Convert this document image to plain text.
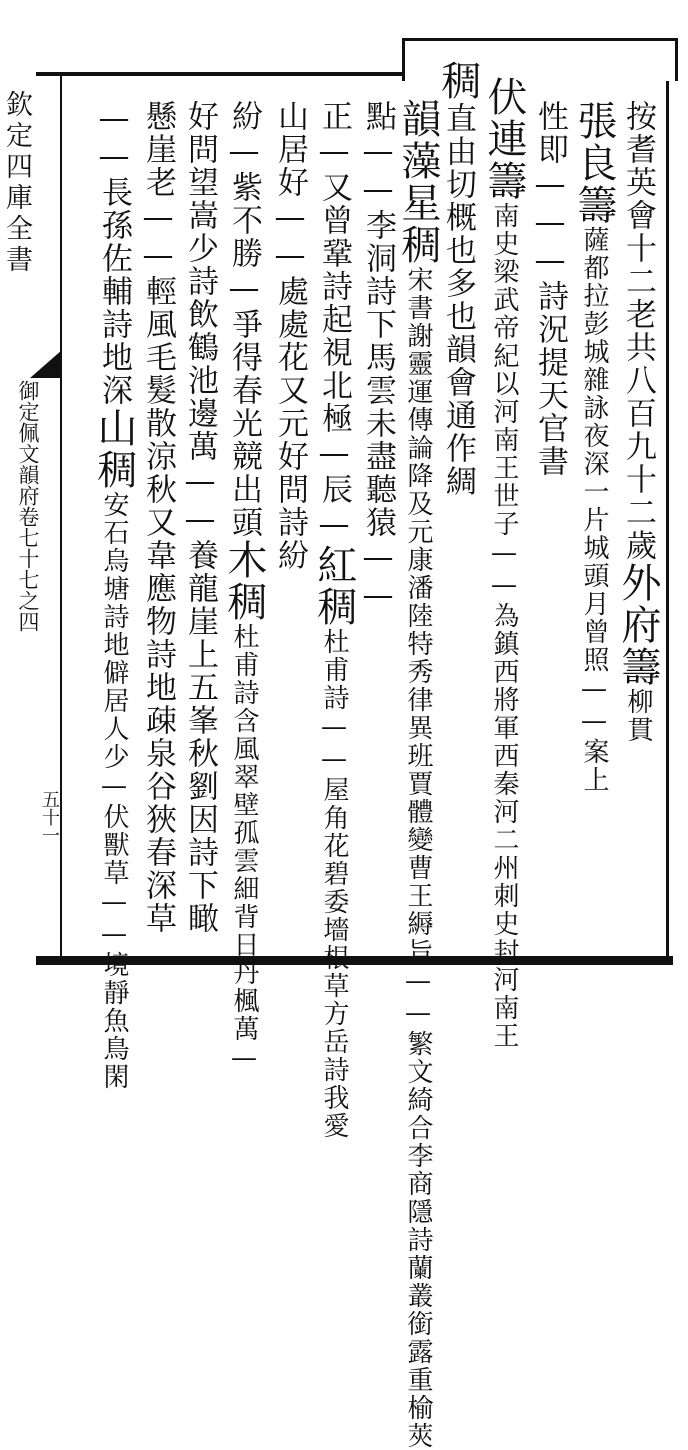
欽定四庫全書
御定佩文韻府卷七十七之四
五十一
按耆英會十二老共八百九十二歲外府籌柳貫
張良籌薩都拉彭城雜詠夜深一片城頭月曾照——案上
性即———詩況提天官書
伏連籌南史梁武帝紀以河南王世子——為鎮西將軍西秦河二州刺史封河南王
稠直由切概也多也韻會通作綢
韻藻星稠宋書謝靈運傳論降及元康潘陸特秀律異班賈體變曹王縟旨——繁文綺合李商隱詩蘭叢銜露重榆莢
點——李洞詩下馬雲未盡聽猿——
正—又曾鞏詩起視北極—辰—紅稠杜甫詩——屋角花碧委墻根草方岳詩我愛
山居好——處處花又元好問詩紛
紛—紫不勝—爭得春光競出頭木稠杜甫詩含風翠壁孤雲細背日丹楓萬—
好問望嵩少詩飲鶴池邊萬——養龍崖上五峯秋劉因詩下瞰
懸崖老——輕風毛髮散涼秋又韋應物詩地疎泉谷狹春深草
——長孫佐輔詩地深山稠安石烏塘詩地僻居人少—伏獸草——境靜魚鳥閑
